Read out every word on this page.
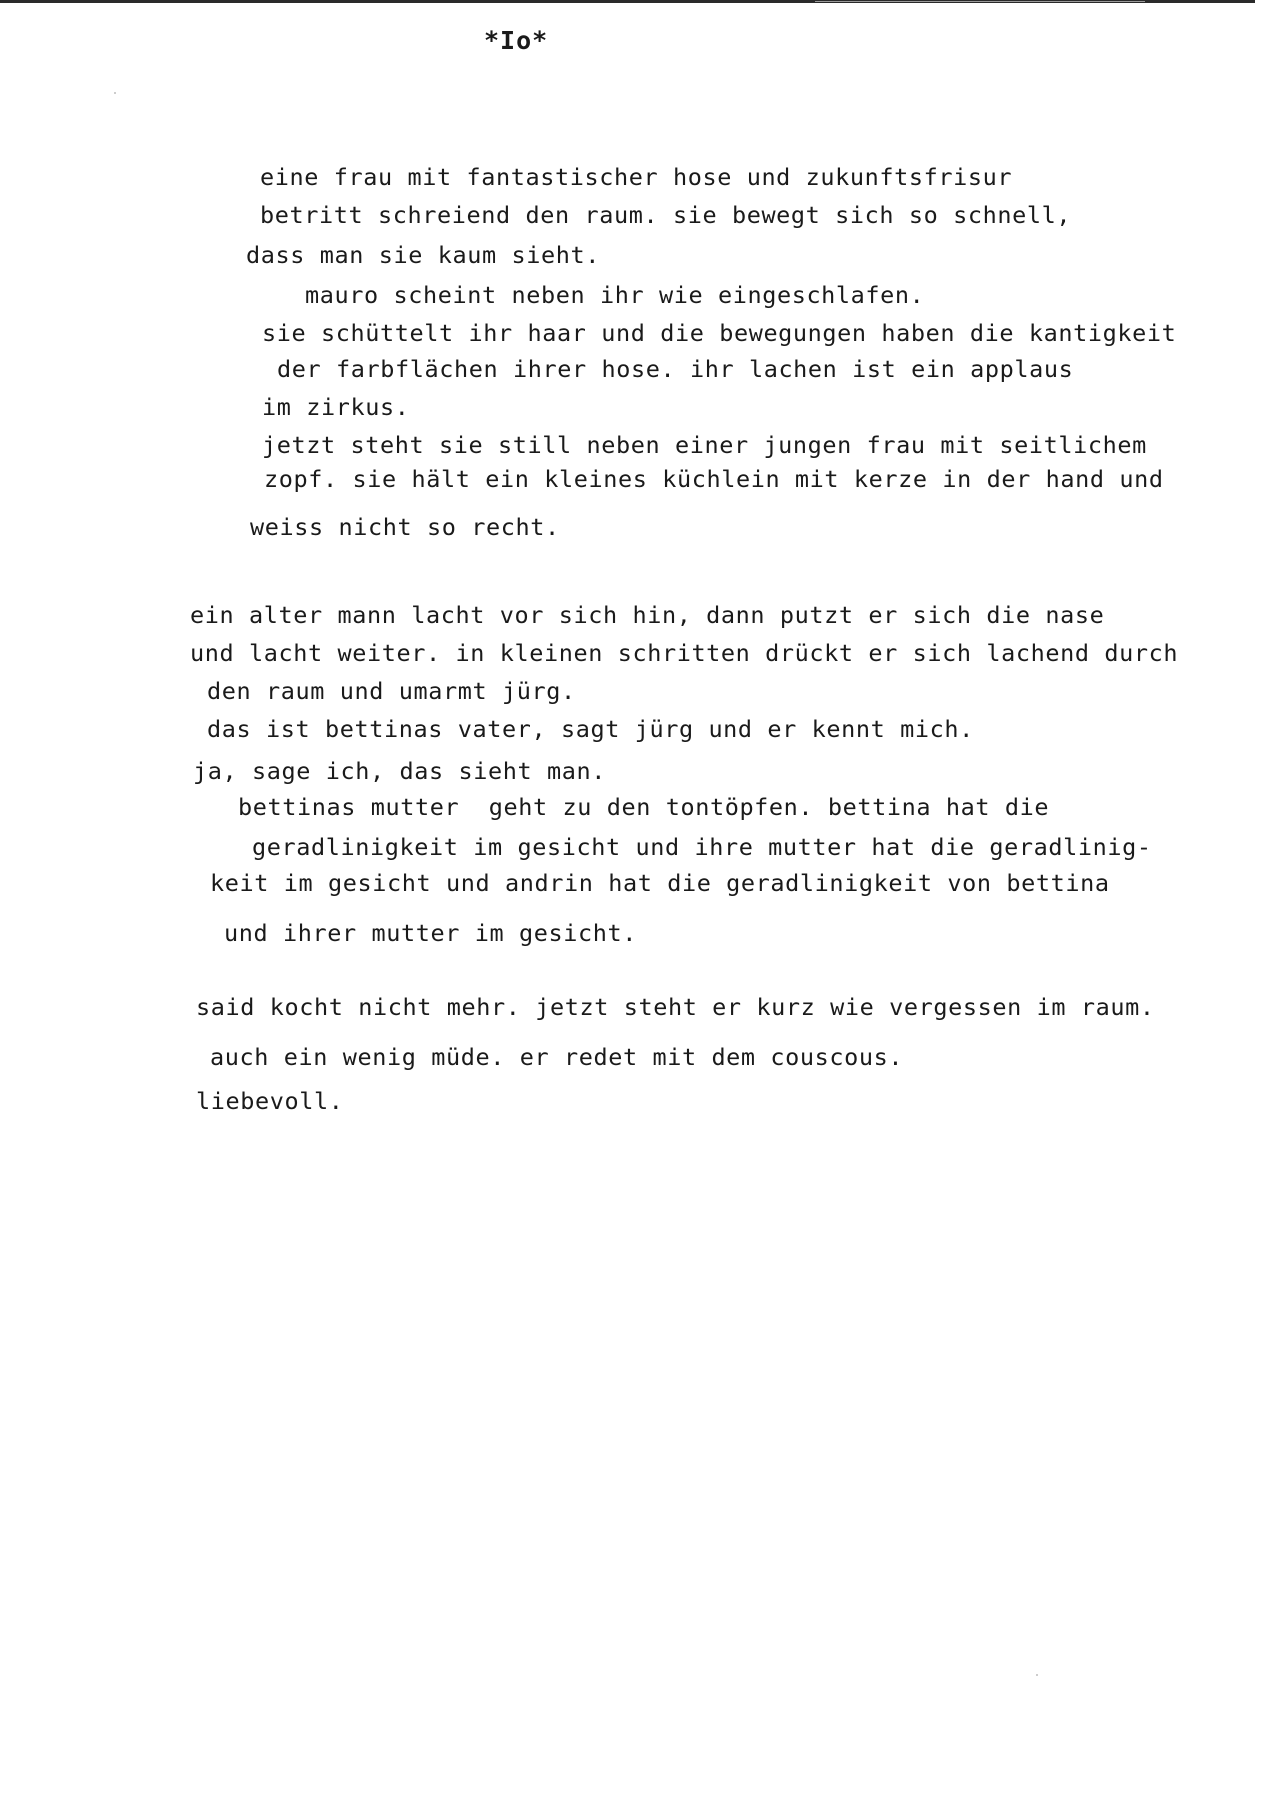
*Io*
eine frau mit fantastischer hose und zukunftsfrisur
betritt schreiend den raum. sie bewegt sich so schnell,
dass man sie kaum sieht.
mauro scheint neben ihr wie eingeschlafen.
sie schüttelt ihr haar und die bewegungen haben die kantigkeit
der farbflächen ihrer hose. ihr lachen ist ein applaus
im zirkus.
jetzt steht sie still neben einer jungen frau mit seitlichem
zopf. sie hält ein kleines küchlein mit kerze in der hand und
weiss nicht so recht.
ein alter mann lacht vor sich hin, dann putzt er sich die nase
und lacht weiter. in kleinen schritten drückt er sich lachend durch
den raum und umarmt jürg.
das ist bettinas vater, sagt jürg und er kennt mich.
ja, sage ich, das sieht man.
bettinas mutter  geht zu den tontöpfen. bettina hat die
geradlinigkeit im gesicht und ihre mutter hat die geradlinig-
keit im gesicht und andrin hat die geradlinigkeit von bettina
und ihrer mutter im gesicht.
said kocht nicht mehr. jetzt steht er kurz wie vergessen im raum.
auch ein wenig müde. er redet mit dem couscous.
liebevoll.
